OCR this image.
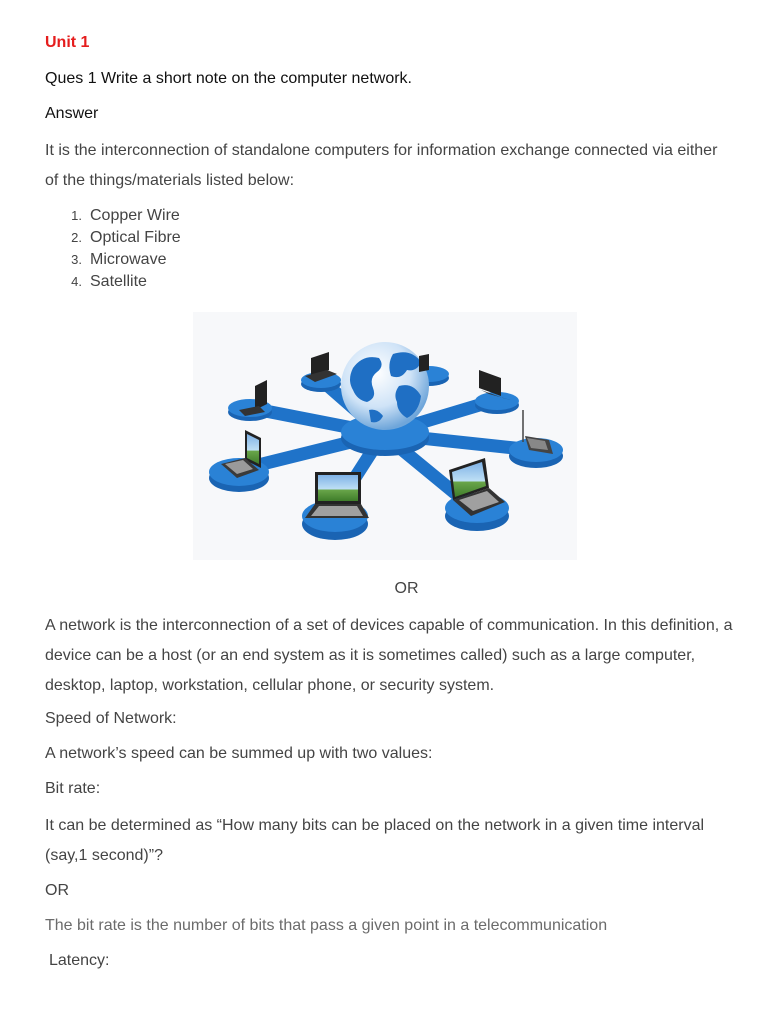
Unit 1
Ques 1 Write a short note on the computer network.
Answer
It is the interconnection of standalone computers for information exchange connected via either of the things/materials listed below:
1. Copper Wire
2. Optical Fibre
3. Microwave
4. Satellite
OR
A network is the interconnection of a set of devices capable of communication. In this definition, a device can be a host (or an end system as it is sometimes called) such as a large computer, desktop, laptop, workstation, cellular phone, or security system.
Speed of Network:
A network’s speed can be summed up with two values:
Bit rate:
It can be determined as “How many bits can be placed on the network in a given time interval (say,1 second)”?
OR
The bit rate is the number of bits that pass a given point in a telecommunication
Latency:
